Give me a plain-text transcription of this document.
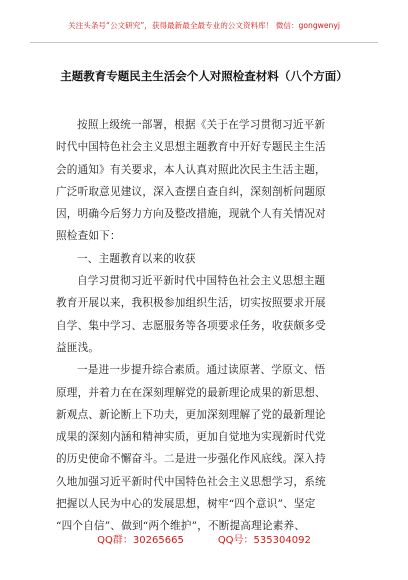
关注头条号“公文研究”，获得最新最全最专业的公文资料库！ 微信：gongwenyj
主题教育专题民主生活会个人对照检查材料（八个方面）
按照上级统一部署，根据《关于在学习贯彻习近平新
时代中国特色社会主义思想主题教育中开好专题民主生活
会的通知》有关要求，本人认真对照此次民主生活主题，
广泛听取意见建议，深入查摆自查自纠，深刻剖析问题原
因，明确今后努力方向及整改措施，现就个人有关情况对
照检查如下：
一、主题教育以来的收获
自学习贯彻习近平新时代中国特色社会主义思想主题
教育开展以来，我积极参加组织生活，切实按照要求开展
自学、集中学习、志愿服务等各项要求任务，收获颇多受
益匪浅。
一是进一步提升综合素质。通过读原著、学原文、悟
原理，并着力在在深刻理解党的最新理论成果的新思想、
新观点、新论断上下功夫，更加深刻理解了党的最新理论
成果的深刻内涵和精神实质，更加自觉地为实现新时代党
的历史使命不懈奋斗。二是进一步强化作风底线。深入持
久地加强习近平新时代中国特色社会主义思想学习，系统
把握以人民为中心的发展思想，树牢“四个意识”、坚定
“四个自信”、做到“两个维护”，不断提高理论素养、
QQ群：30265665	QQ号：535304092
